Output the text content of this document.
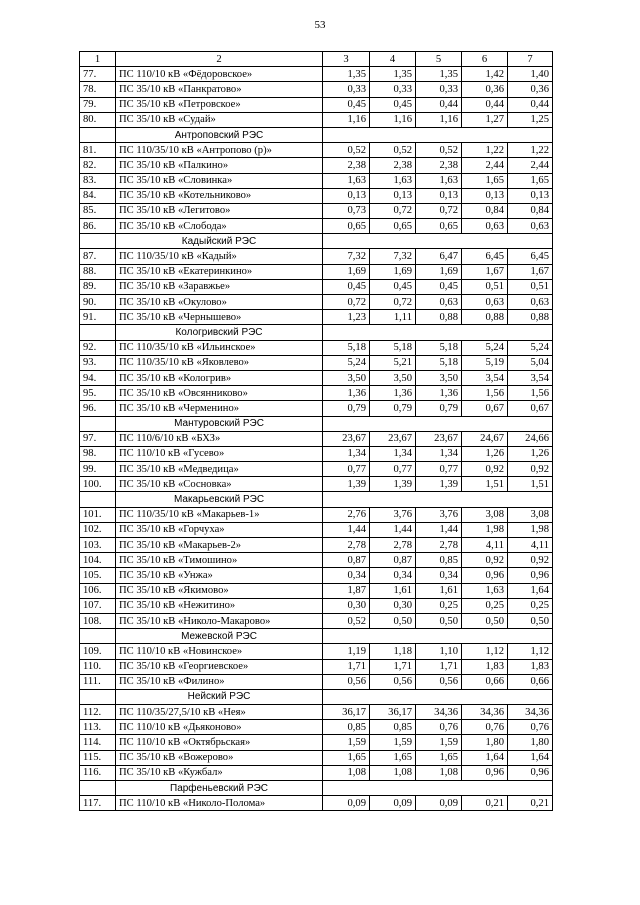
53
1	2	3	4	5	6	7
77.	ПС 110/10 кВ «Фёдоровское»	1,35	1,35	1,35	1,42	1,40
78.	ПС 35/10 кВ «Панкратово»	0,33	0,33	0,33	0,36	0,36
79.	ПС 35/10 кВ «Петровское»	0,45	0,45	0,44	0,44	0,44
80.	ПС 35/10 кВ «Судай»	1,16	1,16	1,16	1,27	1,25
	Антроповский РЭС					
81.	ПС 110/35/10 кВ «Антропово (р)»	0,52	0,52	0,52	1,22	1,22
82.	ПС 35/10 кВ «Палкино»	2,38	2,38	2,38	2,44	2,44
83.	ПС 35/10 кВ «Словинка»	1,63	1,63	1,63	1,65	1,65
84.	ПС 35/10 кВ «Котельниково»	0,13	0,13	0,13	0,13	0,13
85.	ПС 35/10 кВ «Легитово»	0,73	0,72	0,72	0,84	0,84
86.	ПС 35/10 кВ «Слобода»	0,65	0,65	0,65	0,63	0,63
	Кадыйский РЭС					
87.	ПС 110/35/10 кВ «Кадый»	7,32	7,32	6,47	6,45	6,45
88.	ПС 35/10 кВ «Екатеринкино»	1,69	1,69	1,69	1,67	1,67
89.	ПС 35/10 кВ «Заравжье»	0,45	0,45	0,45	0,51	0,51
90.	ПС 35/10 кВ «Окулово»	0,72	0,72	0,63	0,63	0,63
91.	ПС 35/10 кВ «Чернышево»	1,23	1,11	0,88	0,88	0,88
	Кологривский РЭС					
92.	ПС 110/35/10 кВ «Ильинское»	5,18	5,18	5,18	5,24	5,24
93.	ПС 110/35/10 кВ «Яковлево»	5,24	5,21	5,18	5,19	5,04
94.	ПС 35/10 кВ «Кологрив»	3,50	3,50	3,50	3,54	3,54
95.	ПС 35/10 кВ «Овсянниково»	1,36	1,36	1,36	1,56	1,56
96.	ПС 35/10 кВ «Черменино»	0,79	0,79	0,79	0,67	0,67
	Мантуровский РЭС					
97.	ПС 110/6/10 кВ «БХЗ»	23,67	23,67	23,67	24,67	24,66
98.	ПС 110/10 кВ «Гусево»	1,34	1,34	1,34	1,26	1,26
99.	ПС 35/10 кВ «Медведица»	0,77	0,77	0,77	0,92	0,92
100.	ПС 35/10 кВ «Сосновка»	1,39	1,39	1,39	1,51	1,51
	Макарьевский РЭС					
101.	ПС 110/35/10 кВ «Макарьев-1»	2,76	3,76	3,76	3,08	3,08
102.	ПС 35/10 кВ «Горчуха»	1,44	1,44	1,44	1,98	1,98
103.	ПС 35/10 кВ «Макарьев-2»	2,78	2,78	2,78	4,11	4,11
104.	ПС 35/10 кВ «Тимошино»	0,87	0,87	0,85	0,92	0,92
105.	ПС 35/10 кВ «Унжа»	0,34	0,34	0,34	0,96	0,96
106.	ПС 35/10 кВ «Якимово»	1,87	1,61	1,61	1,63	1,64
107.	ПС 35/10 кВ «Нежитино»	0,30	0,30	0,25	0,25	0,25
108.	ПС 35/10 кВ «Николо-Макарово»	0,52	0,50	0,50	0,50	0,50
	Межевской РЭС					
109.	ПС 110/10 кВ «Новинское»	1,19	1,18	1,10	1,12	1,12
110.	ПС 35/10 кВ «Георгиевское»	1,71	1,71	1,71	1,83	1,83
111.	ПС 35/10 кВ «Филино»	0,56	0,56	0,56	0,66	0,66
	Нейский РЭС					
112.	ПС 110/35/27,5/10 кВ «Нея»	36,17	36,17	34,36	34,36	34,36
113.	ПС 110/10 кВ «Дьяконово»	0,85	0,85	0,76	0,76	0,76
114.	ПС 110/10 кВ «Октябрьская»	1,59	1,59	1,59	1,80	1,80
115.	ПС 35/10 кВ «Вожерово»	1,65	1,65	1,65	1,64	1,64
116.	ПС 35/10 кВ «Кужбал»	1,08	1,08	1,08	0,96	0,96
	Парфеньевский РЭС					
117.	ПС 110/10 кВ «Николо-Полома»	0,09	0,09	0,09	0,21	0,21
